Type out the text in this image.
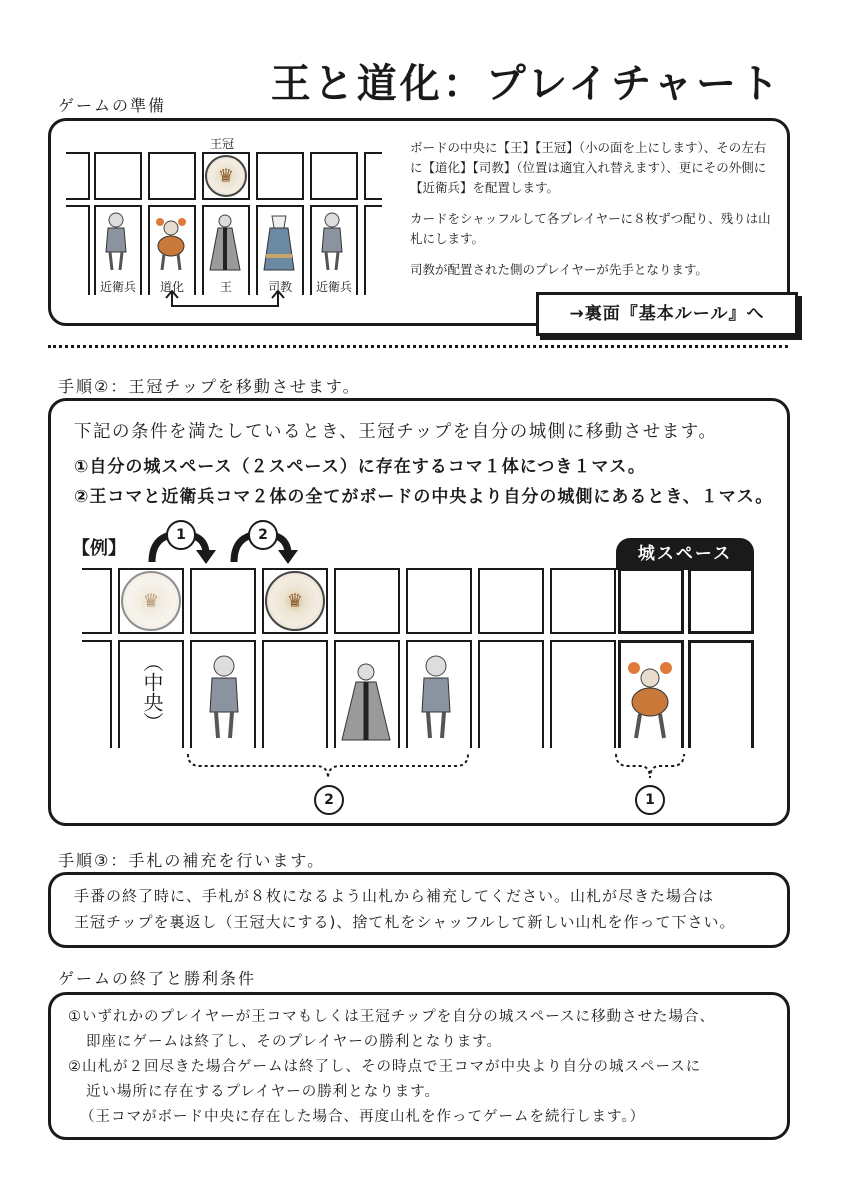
王と道化：プレイチャート
ゲームの準備
王冠
♛
近衛兵	道化	王	司教	近衛兵

ボードの中央に【王】【王冠】（小の面を上にします）、その左右に【道化】【司教】（位置は適宜入れ替えます）、更にその外側に【近衛兵】を配置します。

カードをシャッフルして各プレイヤーに８枚ずつ配り、残りは山札にします。

司教が配置された側のプレイヤーが先手となります。

→裏面『基本ルール』へ
手順②：王冠チップを移動させます。
下記の条件を満たしているとき、王冠チップを自分の城側に移動させます。
①自分の城スペース（２スペース）に存在するコマ１体につき１マス。
②王コマと近衛兵コマ２体の全てがボードの中央より自分の城側にあるとき、１マス。
【例】
1	2
城スペース
♛
♛
（中央）
2	1
手順③：手札の補充を行います。
手番の終了時に、手札が８枚になるよう山札から補充してください。山札が尽きた場合は
王冠チップを裏返し（王冠大にする)、捨て札をシャッフルして新しい山札を作って下さい。
ゲームの終了と勝利条件
①いずれかのプレイヤーが王コマもしくは王冠チップを自分の城スペースに移動させた場合、
即座にゲームは終了し、そのプレイヤーの勝利となります。
②山札が２回尽きた場合ゲームは終了し、その時点で王コマが中央より自分の城スペースに
近い場所に存在するプレイヤーの勝利となります。
（王コマがボード中央に存在した場合、再度山札を作ってゲームを続行します。）
